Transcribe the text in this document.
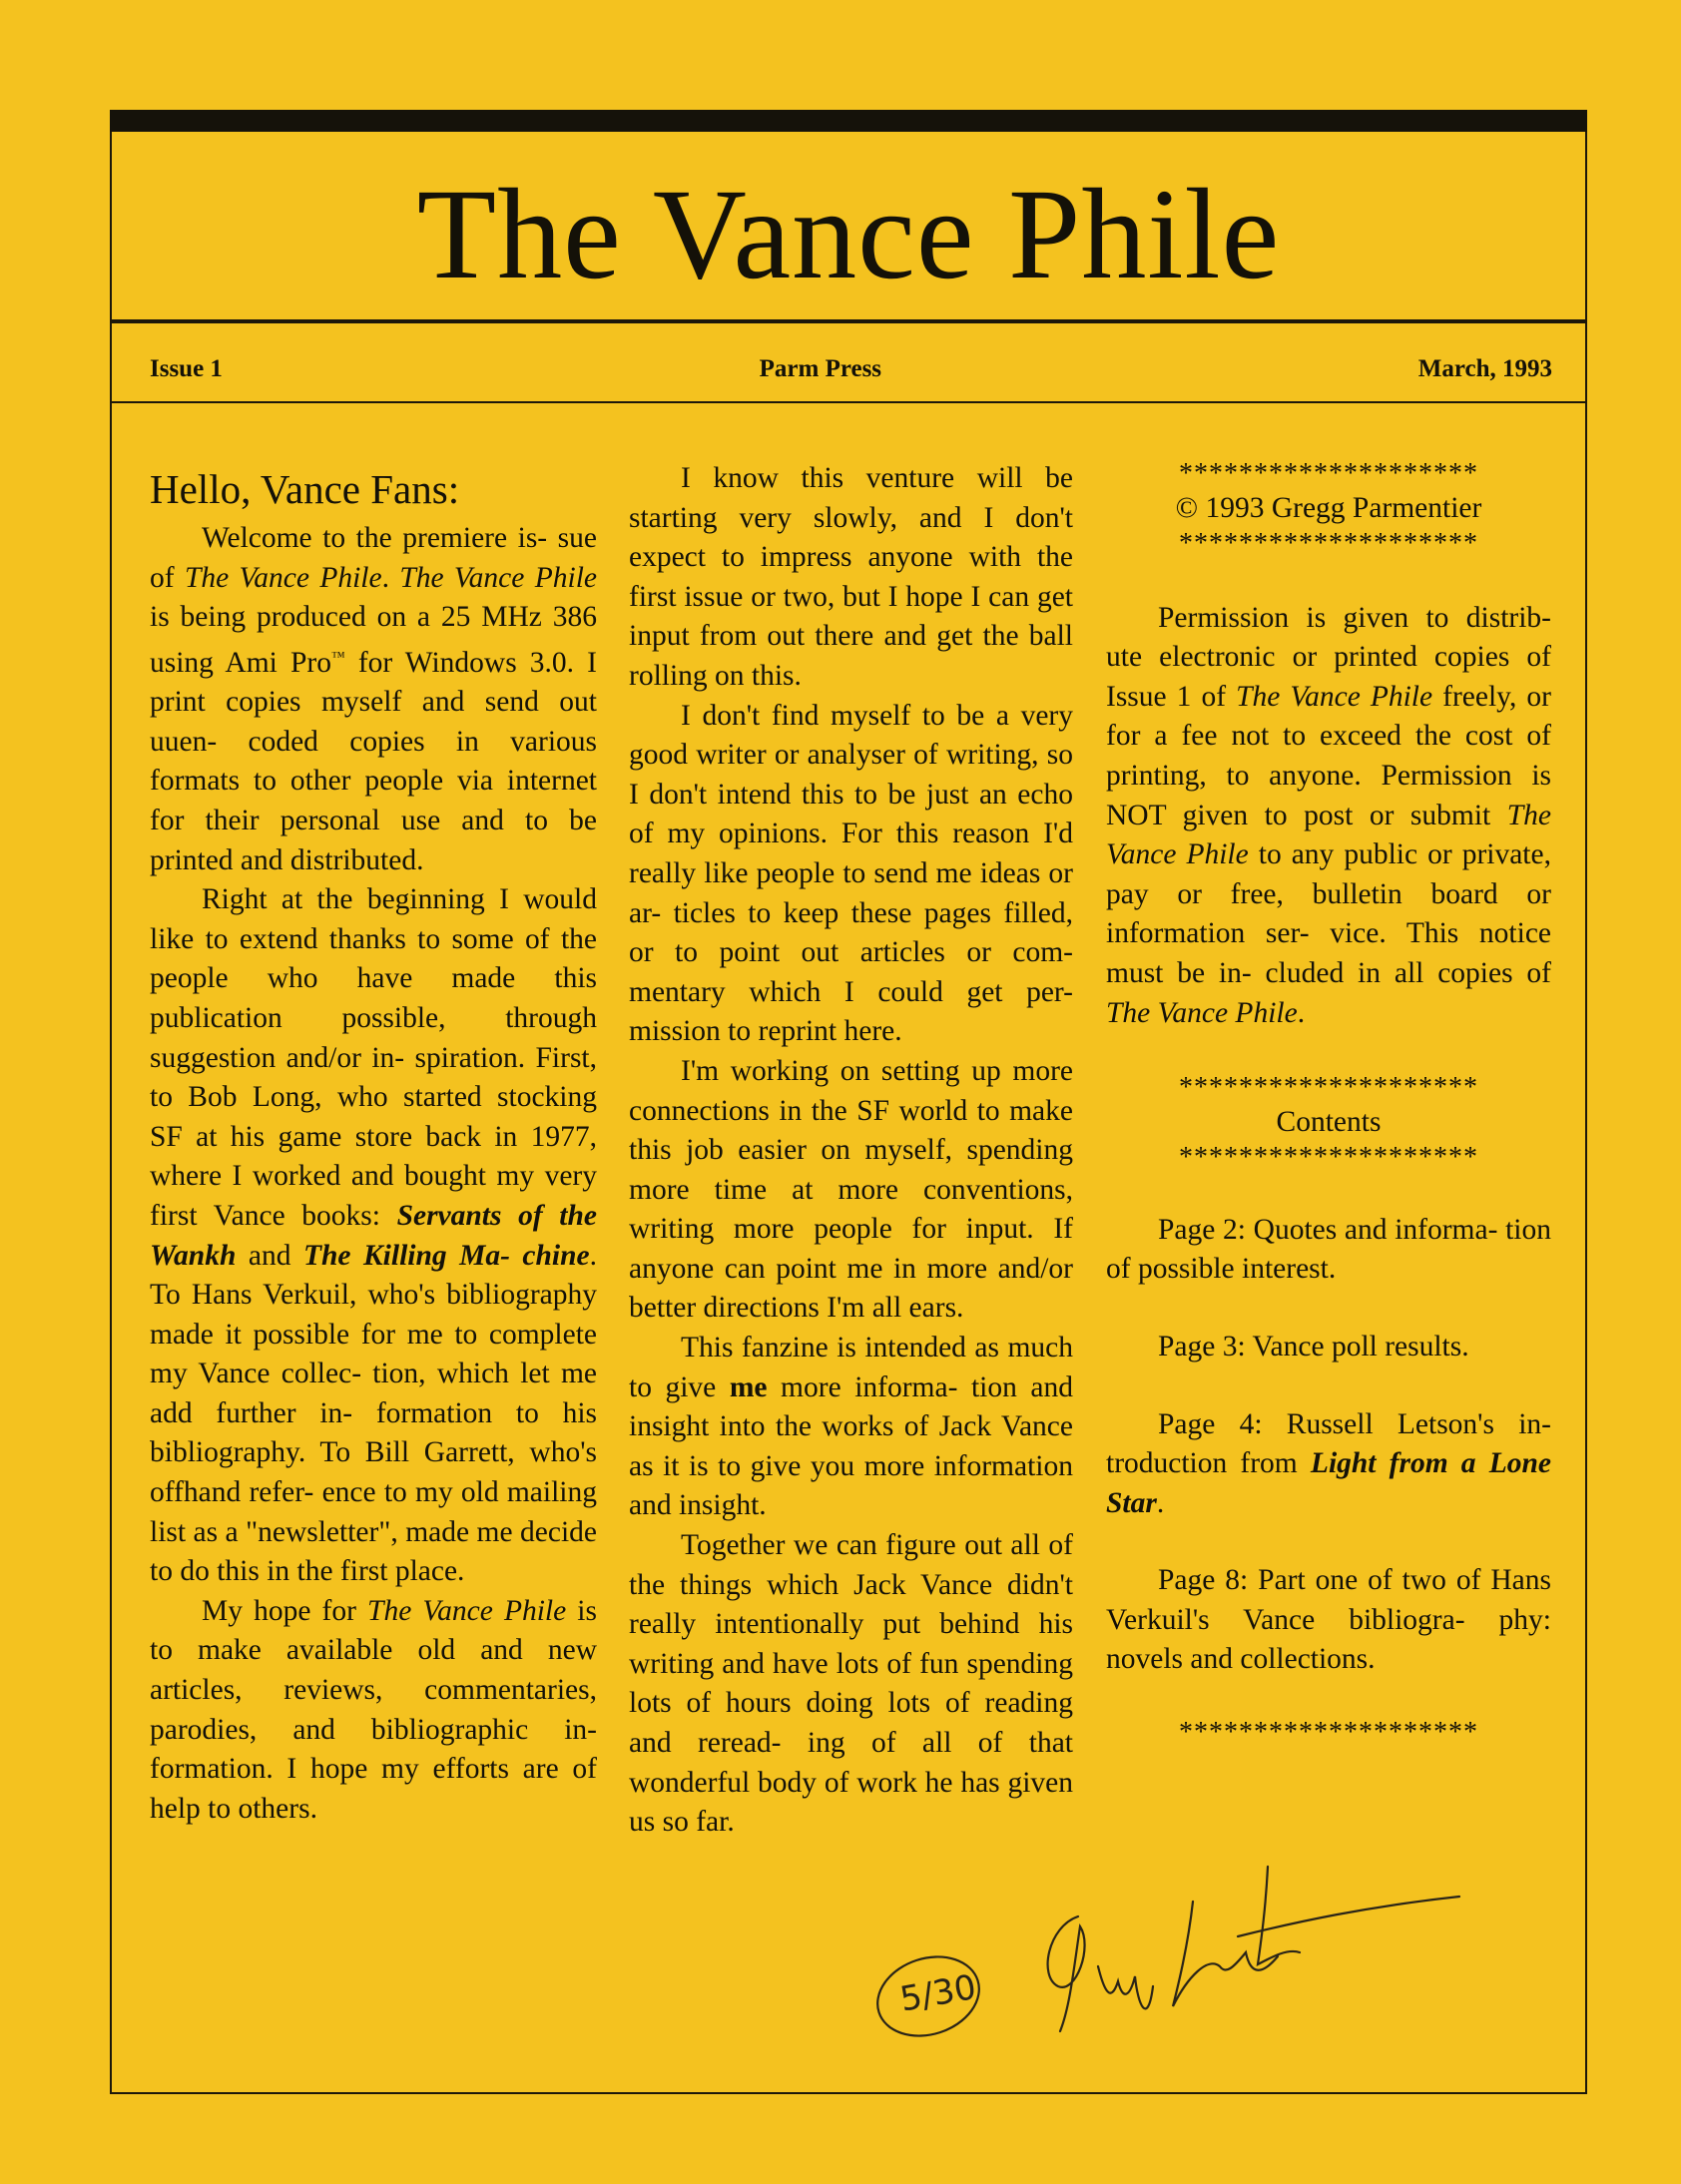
The Vance Phile
Issue 1	Parm Press	March, 1993
Hello, Vance Fans:

Welcome to the premiere is- sue of The Vance Phile. The Vance Phile is being produced on a 25 MHz 386 using Ami Pro™ for Windows 3.0. I print copies myself and send out uuen- coded copies in various formats to other people via internet for their personal use and to be printed and distributed.

Right at the beginning I would like to extend thanks to some of the people who have made this publication possible, through suggestion and/or in- spiration. First, to Bob Long, who started stocking SF at his game store back in 1977, where I worked and bought my very first Vance books: Servants of the Wankh and The Killing Ma- chine. To Hans Verkuil, who's bibliography made it possible for me to complete my Vance collec- tion, which let me add further in- formation to his bibliography. To Bill Garrett, who's offhand refer- ence to my old mailing list as a "newsletter", made me decide to do this in the first place.

My hope for The Vance Phile is to make available old and new articles, reviews, commentaries, parodies, and bibliographic in- formation. I hope my efforts are of help to others.

I know this venture will be starting very slowly, and I don't expect to impress anyone with the first issue or two, but I hope I can get input from out there and get the ball rolling on this.

I don't find myself to be a very good writer or analyser of writing, so I don't intend this to be just an echo of my opinions. For this reason I'd really like people to send me ideas or ar- ticles to keep these pages filled, or to point out articles or com- mentary which I could get per- mission to reprint here.

I'm working on setting up more connections in the SF world to make this job easier on myself, spending more time at more conventions, writing more people for input. If anyone can point me in more and/or better directions I'm all ears.

This fanzine is intended as much to give me more informa- tion and insight into the works of Jack Vance as it is to give you more information and insight.

Together we can figure out all of the things which Jack Vance didn't really intentionally put behind his writing and have lots of fun spending lots of hours doing lots of reading and reread- ing of all of that wonderful body of work he has given us so far.

********************

© 1993 Gregg Parmentier

********************

Permission is given to distrib- ute electronic or printed copies of Issue 1 of The Vance Phile freely, or for a fee not to exceed the cost of printing, to anyone. Permission is NOT given to post or submit The Vance Phile to any public or private, pay or free, bulletin board or information ser- vice. This notice must be in- cluded in all copies of The Vance Phile.

********************

Contents

********************

Page 2: Quotes and informa- tion of possible interest.

Page 3: Vance poll results.

Page 4: Russell Letson's in- troduction from Light from a Lone Star.

Page 8: Part one of two of Hans Verkuil's Vance bibliogra- phy: novels and collections.

********************

5/30
Gregg Parmentier
